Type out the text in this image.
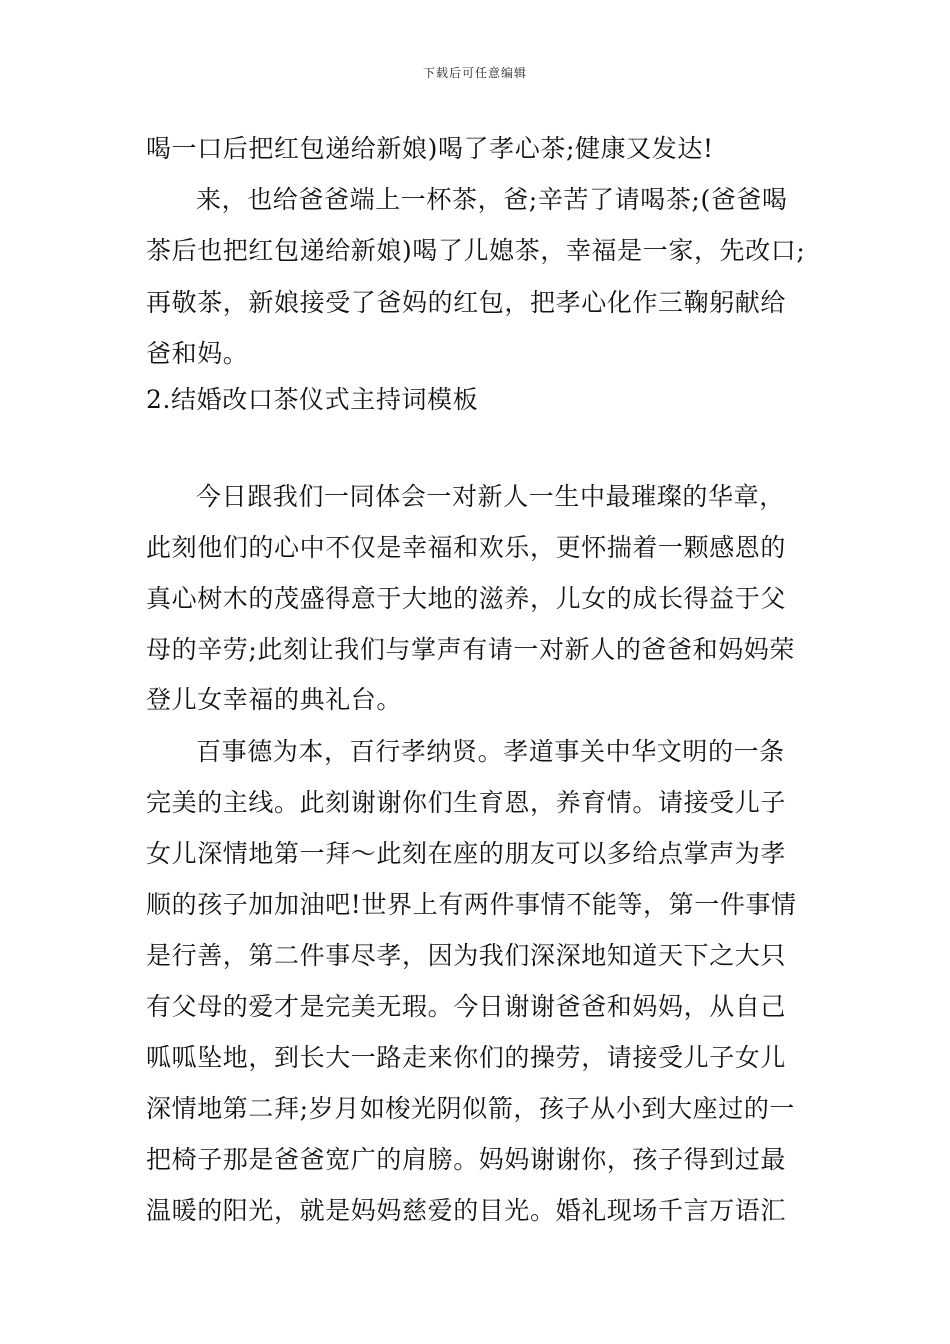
下载后可任意编辑
喝一口后把红包递给新娘)喝了孝心茶;健康又发达!
来，也给爸爸端上一杯茶，爸;辛苦了请喝茶;(爸爸喝
茶后也把红包递给新娘)喝了儿媳茶，幸福是一家，先改口;
再敬茶，新娘接受了爸妈的红包，把孝心化作三鞠躬献给
爸和妈。
2.结婚改口茶仪式主持词模板
今日跟我们一同体会一对新人一生中最璀璨的华章，
此刻他们的心中不仅是幸福和欢乐，更怀揣着一颗感恩的
真心树木的茂盛得意于大地的滋养，儿女的成长得益于父
母的辛劳;此刻让我们与掌声有请一对新人的爸爸和妈妈荣
登儿女幸福的典礼台。
百事德为本，百行孝纳贤。孝道事关中华文明的一条
完美的主线。此刻谢谢你们生育恩，养育情。请接受儿子
女儿深情地第一拜～此刻在座的朋友可以多给点掌声为孝
顺的孩子加加油吧!世界上有两件事情不能等，第一件事情
是行善，第二件事尽孝，因为我们深深地知道天下之大只
有父母的爱才是完美无瑕。今日谢谢爸爸和妈妈，从自己
呱呱坠地，到长大一路走来你们的操劳，请接受儿子女儿
深情地第二拜;岁月如梭光阴似箭，孩子从小到大座过的一
把椅子那是爸爸宽广的肩膀。妈妈谢谢你，孩子得到过最
温暖的阳光，就是妈妈慈爱的目光。婚礼现场千言万语汇
